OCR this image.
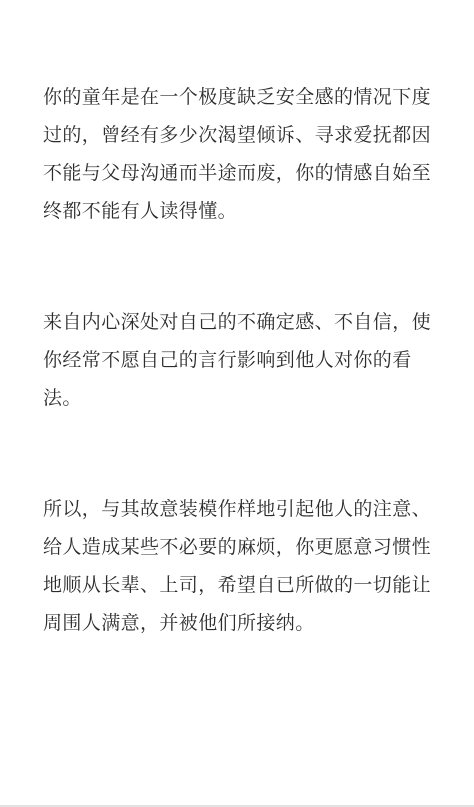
你的童年是在一个极度缺乏安全感的情况下度过的，曾经有多少次渴望倾诉、寻求爱抚都因不能与父母沟通而半途而废，你的情感自始至终都不能有人读得懂。

来自内心深处对自己的不确定感、不自信，使你经常不愿自己的言行影响到他人对你的看法。

所以，与其故意装模作样地引起他人的注意、给人造成某些不必要的麻烦，你更愿意习惯性地顺从长辈、上司，希望自已所做的一切能让周围人满意，并被他们所接纳。
